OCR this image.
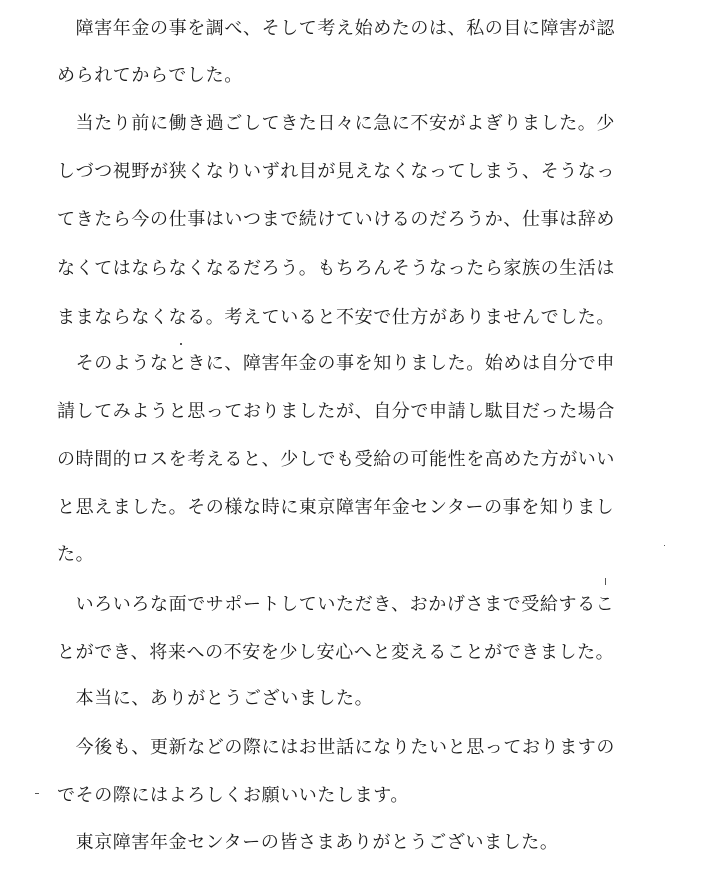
　障害年金の事を調べ、そして考え始めたのは、私の目に障害が認
められてからでした。
　当たり前に働き過ごしてきた日々に急に不安がよぎりました。少
しづつ視野が狭くなりいずれ目が見えなくなってしまう、そうなっ
てきたら今の仕事はいつまで続けていけるのだろうか、仕事は辞め
なくてはならなくなるだろう。もちろんそうなったら家族の生活は
ままならなくなる。考えていると不安で仕方がありませんでした。
　そのようなときに、障害年金の事を知りました。始めは自分で申
請してみようと思っておりましたが、自分で申請し駄目だった場合
の時間的ロスを考えると、少しでも受給の可能性を高めた方がいい
と思えました。その様な時に東京障害年金センターの事を知りまし
た。
　いろいろな面でサポートしていただき、おかげさまで受給するこ
とができ、将来への不安を少し安心へと変えることができました。
　本当に、ありがとうございました。
　今後も、更新などの際にはお世話になりたいと思っておりますの
でその際にはよろしくお願いいたします。
　東京障害年金センターの皆さまありがとうございました。
